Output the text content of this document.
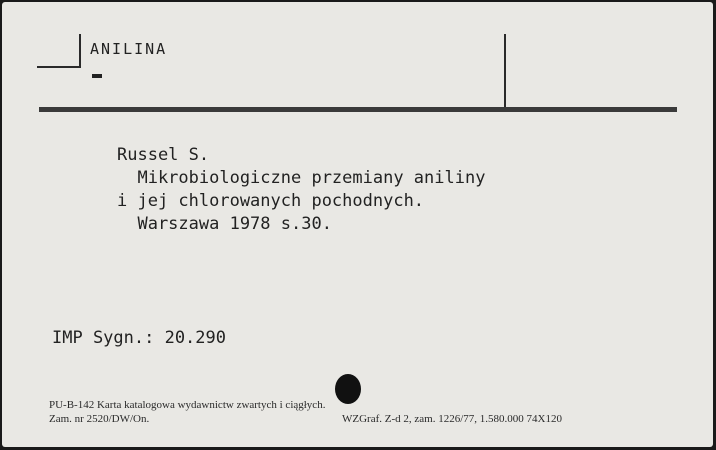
ANILINA
Russel S.
Mikrobiologiczne przemiany aniliny
i jej chlorowanych pochodnych.
Warszawa 1978 s.30.
IMP Sygn.: 20.290
PU-B-142 Karta katalogowa wydawnictw zwartych i ciągłych.
Zam. nr 2520/DW/On.	WZGraf. Z-d 2, zam. 1226/77, 1.580.000 74X120
